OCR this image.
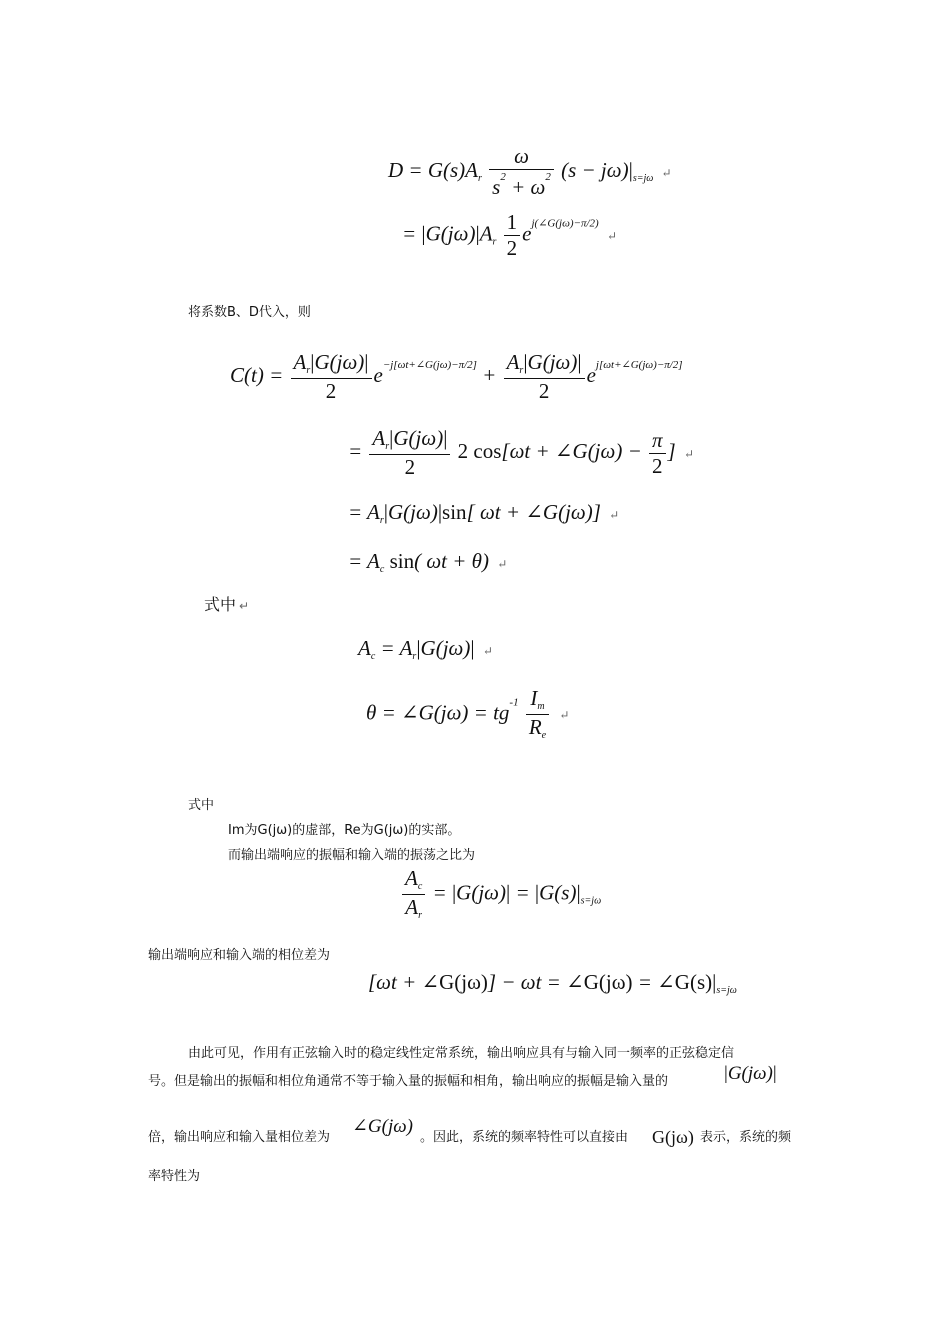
$D = G(s)A_r \frac{\omega}{s^2 + \omega^2} (s - j\omega)|_{s=j\omega}$ ↵
= $|G(j\omega)|A_r \frac{1}{2} e^{j(\angle G(j\omega)-\pi/2)}$ ↵
将系数B、D代入，则
$C(t) = \frac{A_r|G(j\omega)|}{2} e^{-j[\omega t+\angle G(j\omega)-\pi/2]} + \frac{A_r|G(j\omega)|}{2} e^{j[\omega t+\angle G(j\omega)-\pi/2]}$
= $\frac{A_r|G(j\omega)|}{2} 2$ cos[ωt + ∠G(jω) − $\frac{\pi}{2}$ ] ↵
= $A_r|G(j\omega)|\sin$[ ωt + ∠G(jω)] ↵
= $A_c$ sin( ωt + θ) ↵
式中 ↵
$A_c = A_r|G(j\omega)|$ ↵
θ = ∠G(jω) = $tg^{-1} \frac{I_m}{R_e}$ ↵
式中
Im为G(jω)的虚部，Re为G(jω)的实部。
而输出端响应的振幅和输入端的振荡之比为
$\frac{A_c}{A_r} = |G(j\omega)| = |G(s)|_{s=j\omega}$
输出端响应和输入端的相位差为
[ωt + ∠G(jω)] − ωt = ∠G(jω) = $\angle G(s)|_{s=j\omega}$
由此可见，作用有正弦输入时的稳定线性定常系统，输出响应具有与输入同一频率的正弦稳定信
号。但是输出的振幅和相位角通常不等于输入量的振幅和相角，输出响应的振幅是输入量的	|G(jω)|
倍，输出响应和输入量相位差为
∠G(jω)
。因此，系统的频率特性可以直接由 G(jω) 表示，系统的频
率特性为
